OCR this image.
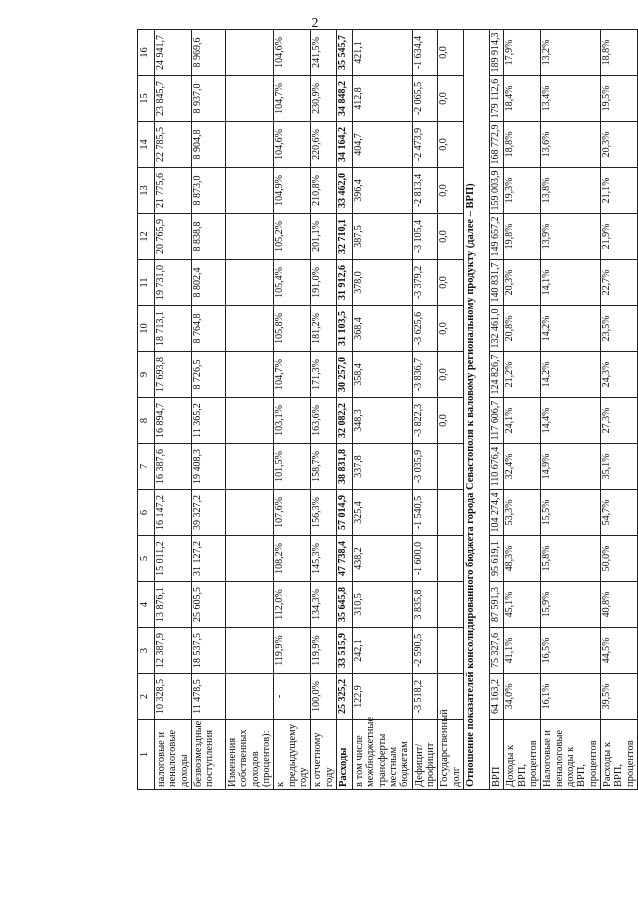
2
1	2	3	4	5	6	7	8	9	10	11	12	13	14	15	16
налоговые и неналоговые доходы	10 328,5	12 387,9	13 876,1	15 011,2	16 147,2	16 387,6	16 894,7	17 693,8	18 713,1	19 731,0	20 765,9	21 775,6	22 785,5	23 845,7	24 941,7
безвозмездные поступления	11 478,5	18 537,5	25 605,5	31 127,2	39 327,2	19 408,3	11 365,2	8 726,5	8 764,8	8 802,4	8 838,8	8 873,0	8 904,8	8 937,0	8 969,6
Изменения собственных доходов (процентов):															
к предыдущему году	-	119,9%	112,0%	108,2%	107,6%	101,5%	103,1%	104,7%	105,8%	105,4%	105,2%	104,9%	104,6%	104,7%	104,6%
к отчетному году	100,0%	119,9%	134,3%	145,3%	156,3%	158,7%	163,6%	171,3%	181,2%	191,0%	201,1%	210,8%	220,6%	230,9%	241,5%
Расходы	25 325,2	33 515,9	35 645,8	47 738,4	57 014,9	38 831,8	32 082,2	30 257,0	31 103,5	31 912,6	32 710,1	33 462,0	34 164,2	34 848,2	35 545,7
в том числе межбюджетные трансферты местным бюджетам	122,9	242,1	310,5	438,2	325,4	337,8	348,3	358,4	368,4	378,0	387,5	396,4	404,7	412,8	421,1
Дефицит/профицит	-3 518,2	-2 590,5	3 835,8	-1 600,0	-1 540,5	-3 035,9	-3 822,3	-3 836,7	-3 625,6	-3 379,2	-3 105,4	-2 813,4	-2 473,9	-2 065,5	-1 634,4
Государственный долг							0,0	0,0	0,0	0,0	0,0	0,0	0,0	0,0	0,0
Отношение показателей консолидированного бюджета города Севастополя к валовому региональному продукту (далее – ВРП)															
ВРП	64 163,2	75 327,6	87 591,3	95 619,1	104 274,4	110 676,4	117 606,7	124 826,7	132 461,0	140 831,7	149 657,2	159 003,9	168 772,9	179 112,6	189 914,3
Доходы к ВРП, процентов	34,0%	41,1%	45,1%	48,3%	53,3%	32,4%	24,1%	21,2%	20,8%	20,3%	19,8%	19,3%	18,8%	18,4%	17,9%
Налоговые и неналоговые доходы к ВРП, процентов	16,1%	16,5%	15,9%	15,8%	15,5%	14,9%	14,4%	14,2%	14,2%	14,1%	13,9%	13,8%	13,6%	13,4%	13,2%
Расходы к ВРП, процентов	39,5%	44,5%	40,8%	50,0%	54,7%	35,1%	27,3%	24,3%	23,5%	22,7%	21,9%	21,1%	20,3%	19,5%	18,8%
